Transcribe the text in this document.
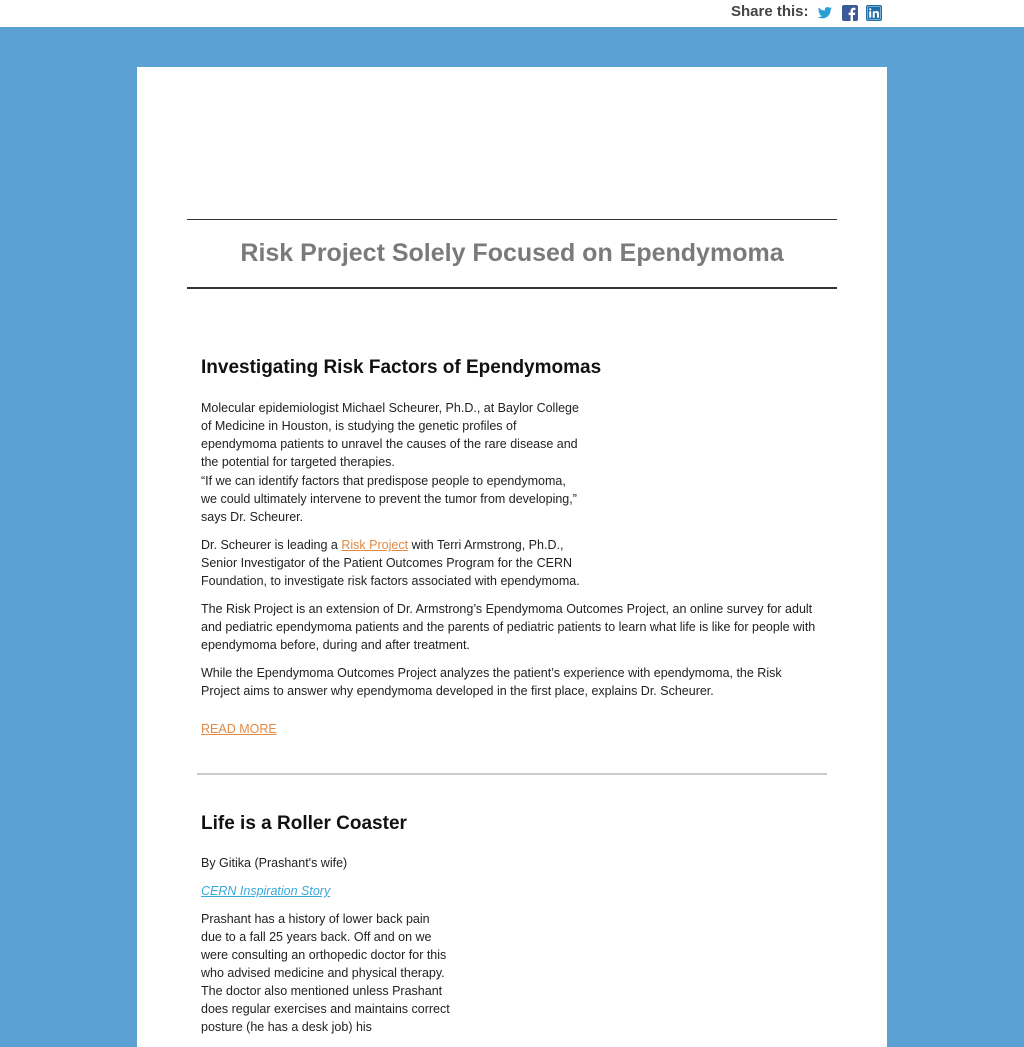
Share this:
Risk Project Solely Focused on Ependymoma
Investigating Risk Factors of Ependymomas

Molecular epidemiologist Michael Scheurer, Ph.D., at Baylor College of Medicine in Houston, is studying the genetic profiles of ependymoma patients to unravel the causes of the rare disease and the potential for targeted therapies.

“If we can identify factors that predispose people to ependymoma, we could ultimately intervene to prevent the tumor from developing,” says Dr. Scheurer.

Dr. Scheurer is leading a Risk Project with Terri Armstrong, Ph.D., Senior Investigator of the Patient Outcomes Program for the CERN Foundation, to investigate risk factors associated with ependymoma.

The Risk Project is an extension of Dr. Armstrong’s Ependymoma Outcomes Project, an online survey for adult and pediatric ependymoma patients and the parents of pediatric patients to learn what life is like for people with ependymoma before, during and after treatment.

While the Ependymoma Outcomes Project analyzes the patient’s experience with ependymoma, the Risk Project aims to answer why ependymoma developed in the first place, explains Dr. Scheurer.

READ MORE
Life is a Roller Coaster

By Gitika (Prashant's wife)

CERN Inspiration Story

Prashant has a history of lower back pain due to a fall 25 years back. Off and on we were consulting an orthopedic doctor for this who advised medicine and physical therapy. The doctor also mentioned unless Prashant does regular exercises and maintains correct posture (he has a desk job) his
